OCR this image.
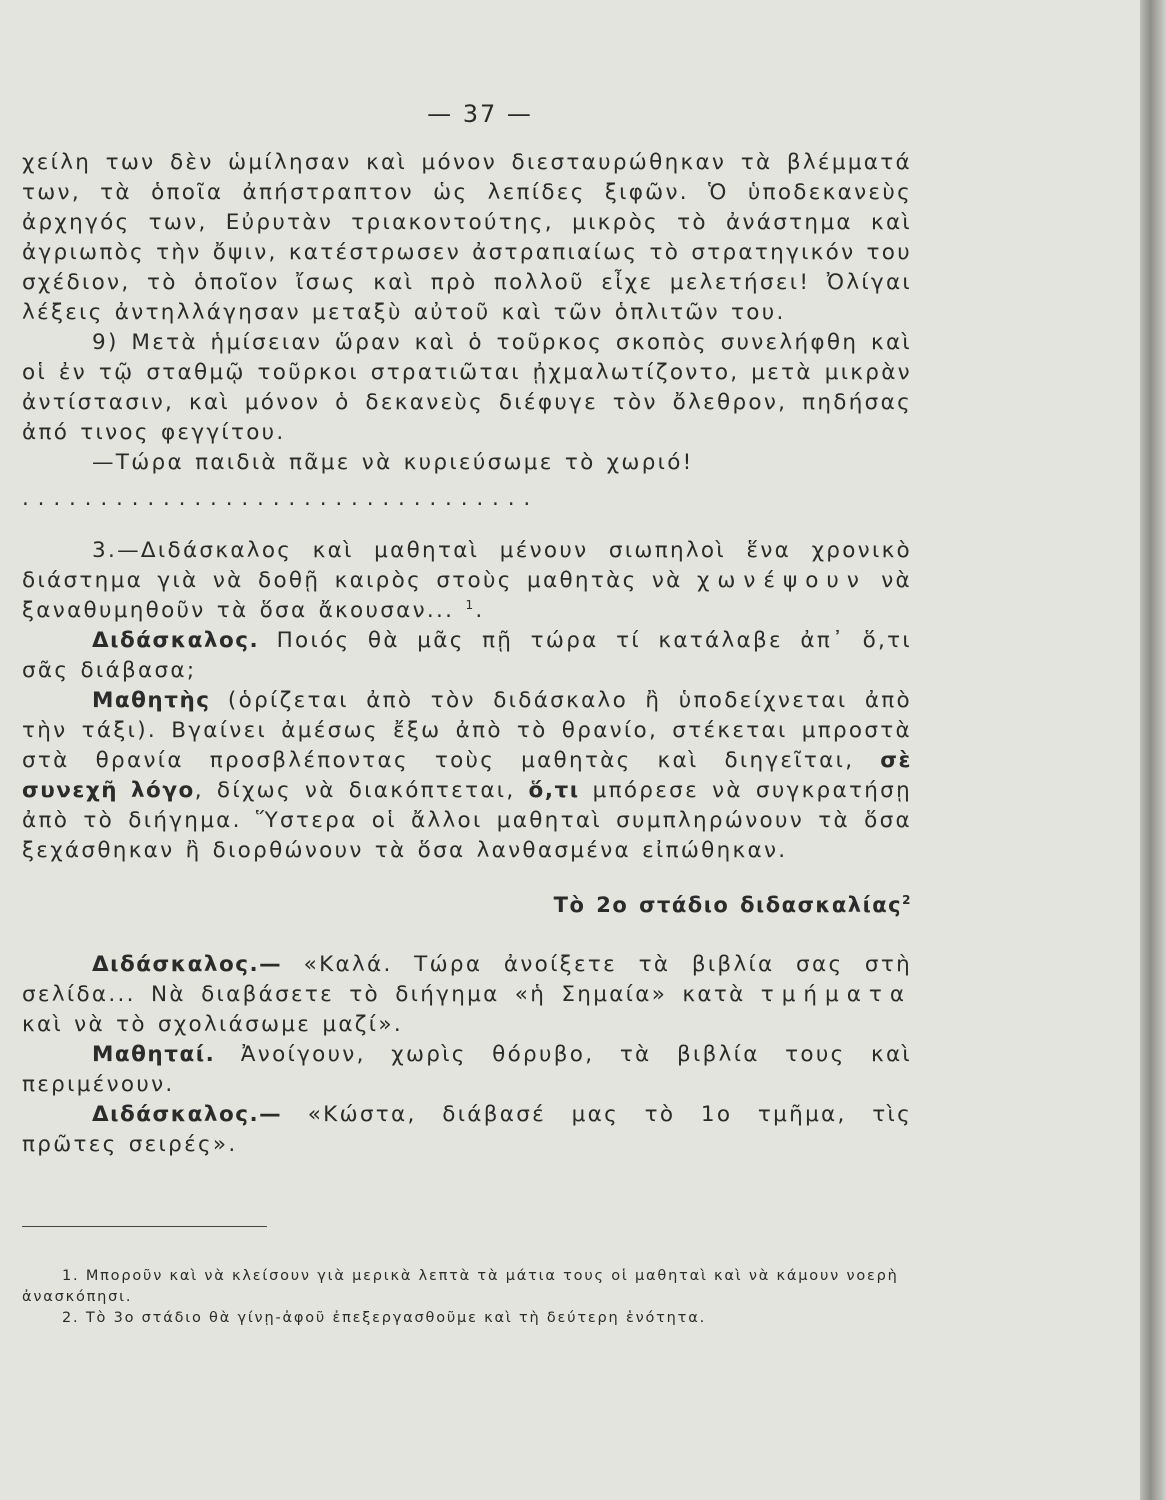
— 37 —

χείλη των δὲν ὡμίλησαν καὶ μόνον διεσταυρώθηκαν τὰ βλέμματά των, τὰ ὁποῖα ἀπήστραπτον ὡς λεπίδες ξιφῶν. Ὁ ὑποδεκανεὺς ἀρχηγός των, Εὐρυτὰν τριακοντούτης, μικρὸς τὸ ἀνάστημα καὶ ἀγριωπὸς τὴν ὄψιν, κατέστρωσεν ἀστραπιαίως τὸ στρατηγικόν του σχέδιον, τὸ ὁποῖον ἴσως καὶ πρὸ πολλοῦ εἶχε μελετήσει! Ὀλίγαι λέξεις ἀντηλλάγησαν μεταξὺ αὐτοῦ καὶ τῶν ὁπλιτῶν του.

9) Μετὰ ἡμίσειαν ὥραν καὶ ὁ τοῦρκος σκοπὸς συνελήφθη καὶ οἱ ἐν τῷ σταθμῷ τοῦρκοι στρατιῶται ᾐχμαλωτίζοντο, μετὰ μικρὰν ἀντίστασιν, καὶ μόνον ὁ δεκανεὺς διέφυγε τὸν ὄλεθρον, πηδήσας ἀπό τινος φεγγίτου.

—Τώρα παιδιὰ πᾶμε νὰ κυριεύσωμε τὸ χωριό!

. . . . . . . . . . . . . . . . . . . . . . . . . . . . . . . . .

3.—Διδάσκαλος καὶ μαθηταὶ μένουν σιωπηλοὶ ἕνα χρονικὸ διάστημα γιὰ νὰ δοθῇ καιρὸς στοὺς μαθητὰς νὰ χωνέψουν νὰ ξαναθυμηθοῦν τὰ ὅσα ἄκουσαν... $^1$.

Διδάσκαλος. Ποιός θὰ μᾶς πῇ τώρα τί κατάλαβε ἀπ᾽ ὅ,τι σᾶς διάβασα;

Μαθητὴς (ὁρίζεται ἀπὸ τὸν διδάσκαλο ἢ ὑποδείχνεται ἀπὸ τὴν τάξι). Βγαίνει ἀμέσως ἔξω ἀπὸ τὸ θρανίο, στέκεται μπροστὰ στὰ θρανία προσβλέποντας τοὺς μαθητὰς καὶ διηγεῖται, σὲ συνεχῆ λόγο, δίχως νὰ διακόπτεται, ὅ,τι μπόρεσε νὰ συγκρατήσῃ ἀπὸ τὸ διήγημα. Ὕστερα οἱ ἄλλοι μαθηταὶ συμπληρώνουν τὰ ὅσα ξεχάσθηκαν ἢ διορθώνουν τὰ ὅσα λανθασμένα εἰπώθηκαν.

Τὸ 2ο στάδιο διδασκαλίας$^2$

Διδάσκαλος.— «Καλά. Τώρα ἀνοίξετε τὰ βιβλία σας στὴ σελίδα... Νὰ διαβάσετε τὸ διήγημα «ἡ Σημαία» κατὰ τμήματα καὶ νὰ τὸ σχολιάσωμε μαζί».

Μαθηταί. Ἀνοίγουν, χωρὶς θόρυβο, τὰ βιβλία τους καὶ περιμένουν.

Διδάσκαλος.— «Κώστα, διάβασέ μας τὸ 1ο τμῆμα, τὶς πρῶτες σειρές».

1. Μποροῦν καὶ νὰ κλείσουν γιὰ μερικὰ λεπτὰ τὰ μάτια τους οἱ μαθηταὶ καὶ νὰ κάμουν νοερὴ ἀνασκόπησι.

2. Τὸ 3ο στάδιο θὰ γίνῃ-ἀφοῦ ἐπεξεργασθοῦμε καὶ τὴ δεύτερη ἑνότητα.
